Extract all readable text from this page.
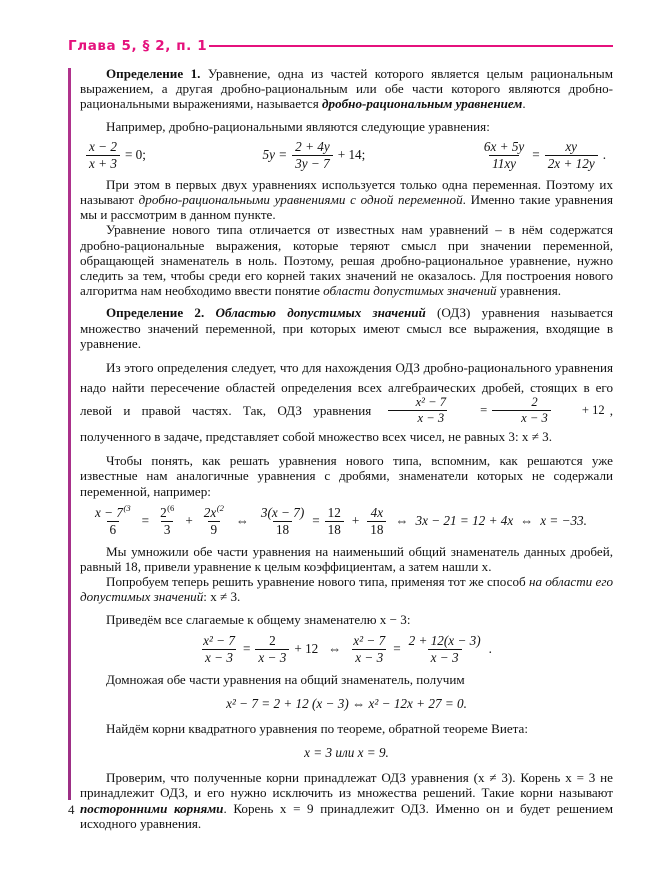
Глава 5, § 2, п. 1

Определение 1. Уравнение, одна из частей которого является целым рациональным выражением, а другая дробно-рациональным или обе части которого являются дробно-рациональными выражениями, называется дробно-рациональным уравнением.

Например, дробно-рациональными являются следующие уравнения:

$\frac{x - 2}{x + 3} = 0$;	$5y = \frac{2 + 4y}{3y - 7} + 14$;	$\frac{6x + 5y}{11xy} = \frac{xy}{2x + 12y}$ .

При этом в первых двух уравнениях используется только одна переменная. Поэтому их называют дробно-рациональными уравнениями с одной переменной. Именно такие уравнения мы и рассмотрим в данном пункте.

Уравнение нового типа отличается от известных нам уравнений – в нём содержатся дробно-рациональные выражения, которые теряют смысл при значении переменной, обращающей знаменатель в ноль. Поэтому, решая дробно-рациональное уравнение, нужно следить за тем, чтобы среди его корней таких значений не оказалось. Для построения нового алгоритма нам необходимо ввести понятие области допустимых значений уравнения.

Определение 2. Областью допустимых значений (ОДЗ) уравнения называется множество значений переменной, при которых имеют смысл все выражения, входящие в уравнение.

Из этого определения следует, что для нахождения ОДЗ дробно-рационального уравнения надо найти пересечение областей определения всех алгебраических дробей, стоящих в его левой и правой частях. Так, ОДЗ уравнения $\frac{\text{x² − 7}}{x - 3}$	= $\frac{2}{x - 3}$	+ 12 , полученного в задаче, представляет собой множество всех чисел, не равных 3: x ≠ 3.

Чтобы понять, как решать уравнения нового типа, вспомним, как решаются уже известные нам аналогичные уравнения с дробями, знаменатели которых не содержали переменной, например:

$\frac{x - 7^{(3}}{6} = \frac{2^{(6}}{3} + \frac{2x^{(2}}{9}$ ⇔ $\frac{3(x - 7)}{18} = \frac{12}{18} + \frac{4x}{18}$ ⇔ 3x − 21 = 12 + 4x ⇔ x = −33.

Мы умножили обе части уравнения на наименьший общий знаменатель данных дробей, равный 18, привели уравнение к целым коэффициентам, а затем нашли x.

Попробуем теперь решить уравнение нового типа, применяя тот же способ на области его допустимых значений: x ≠ 3.

Приведём все слагаемые к общему знаменателю x − 3:

$\frac{\text{x² − 7}}{x - 3} = \frac{2}{x - 3} + 12$ ⇔ $\frac{\text{x² − 7}}{x - 3} = \frac{2 + 12(x - 3)}{x - 3}$ .

Домножая обе части уравнения на общий знаменатель, получим

x² − 7 = 2 + 12 (x − 3) ⇔ x² − 12x + 27 = 0.

Найдём корни квадратного уравнения по теореме, обратной теореме Виета:

x = 3 или x = 9.

Проверим, что полученные корни принадлежат ОДЗ уравнения (x ≠ 3). Корень x = 3 не принадлежит ОДЗ, и его нужно исключить из множества решений. Такие корни называют посторонними корнями. Корень x = 9 принадлежит ОДЗ. Именно он и будет решением исходного уравнения.

4
